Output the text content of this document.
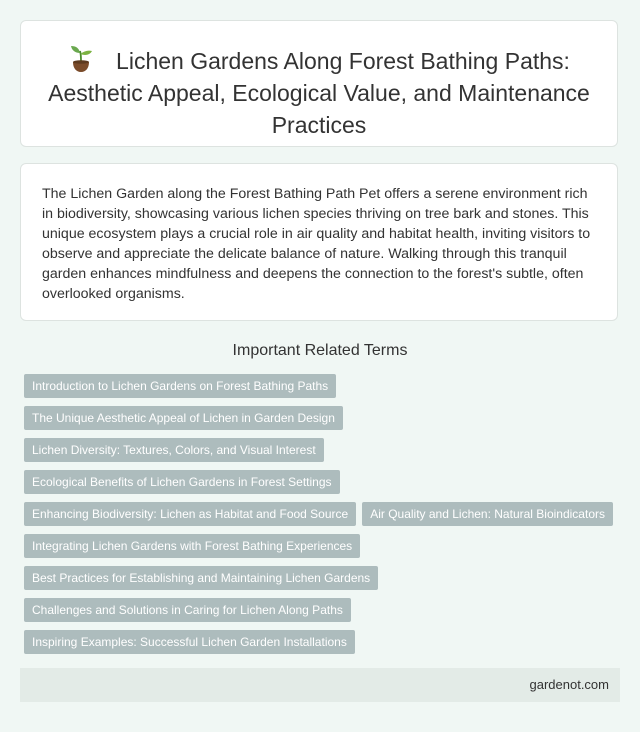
Lichen Gardens Along Forest Bathing Paths: Aesthetic Appeal, Ecological Value, and Maintenance Practices

The Lichen Garden along the Forest Bathing Path Pet offers a serene environment rich in biodiversity, showcasing various lichen species thriving on tree bark and stones. This unique ecosystem plays a crucial role in air quality and habitat health, inviting visitors to observe and appreciate the delicate balance of nature. Walking through this tranquil garden enhances mindfulness and deepens the connection to the forest's subtle, often overlooked organisms.

Important Related Terms
Introduction to Lichen Gardens on Forest Bathing Paths
The Unique Aesthetic Appeal of Lichen in Garden Design
Lichen Diversity: Textures, Colors, and Visual Interest
Ecological Benefits of Lichen Gardens in Forest Settings
Enhancing Biodiversity: Lichen as Habitat and Food Source Air Quality and Lichen: Natural Bioindicators
Integrating Lichen Gardens with Forest Bathing Experiences
Best Practices for Establishing and Maintaining Lichen Gardens
Challenges and Solutions in Caring for Lichen Along Paths
Inspiring Examples: Successful Lichen Garden Installations
gardenot.com
